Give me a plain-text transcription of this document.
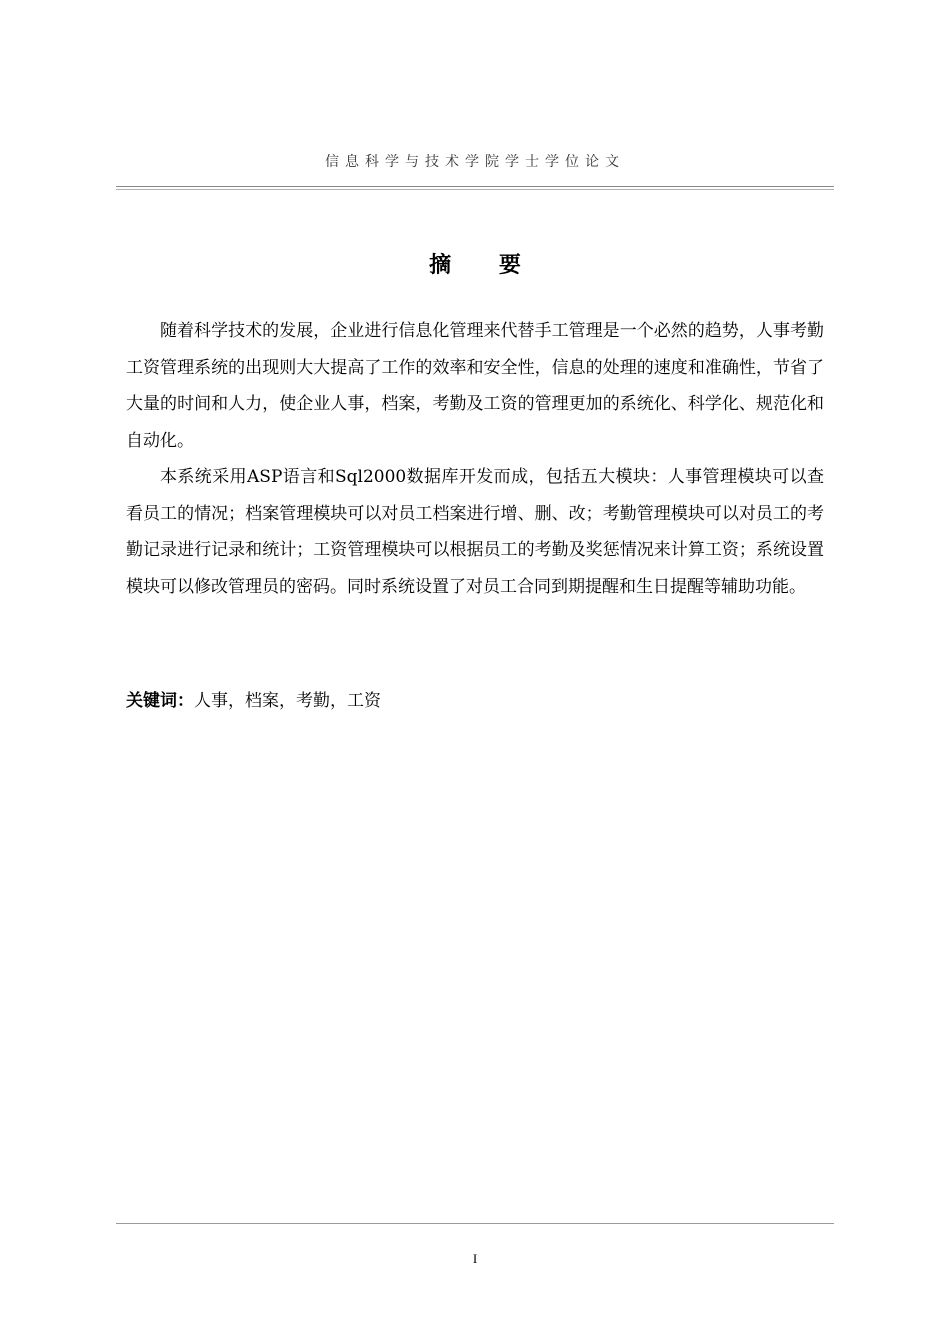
信息科学与技术学院学士学位论文
摘 要

随着科学技术的发展，企业进行信息化管理来代替手工管理是一个必然的趋势，人事考勤工资管理系统的出现则大大提高了工作的效率和安全性，信息的处理的速度和准确性，节省了大量的时间和人力，使企业人事，档案，考勤及工资的管理更加的系统化、科学化、规范化和自动化。

本系统采用ASP语言和Sql2000数据库开发而成，包括五大模块：人事管理模块可以查看员工的情况；档案管理模块可以对员工档案进行增、删、改；考勤管理模块可以对员工的考勤记录进行记录和统计；工资管理模块可以根据员工的考勤及奖惩情况来计算工资；系统设置模块可以修改管理员的密码。同时系统设置了对员工合同到期提醒和生日提醒等辅助功能。

关键词：人事，档案，考勤，工资
I
